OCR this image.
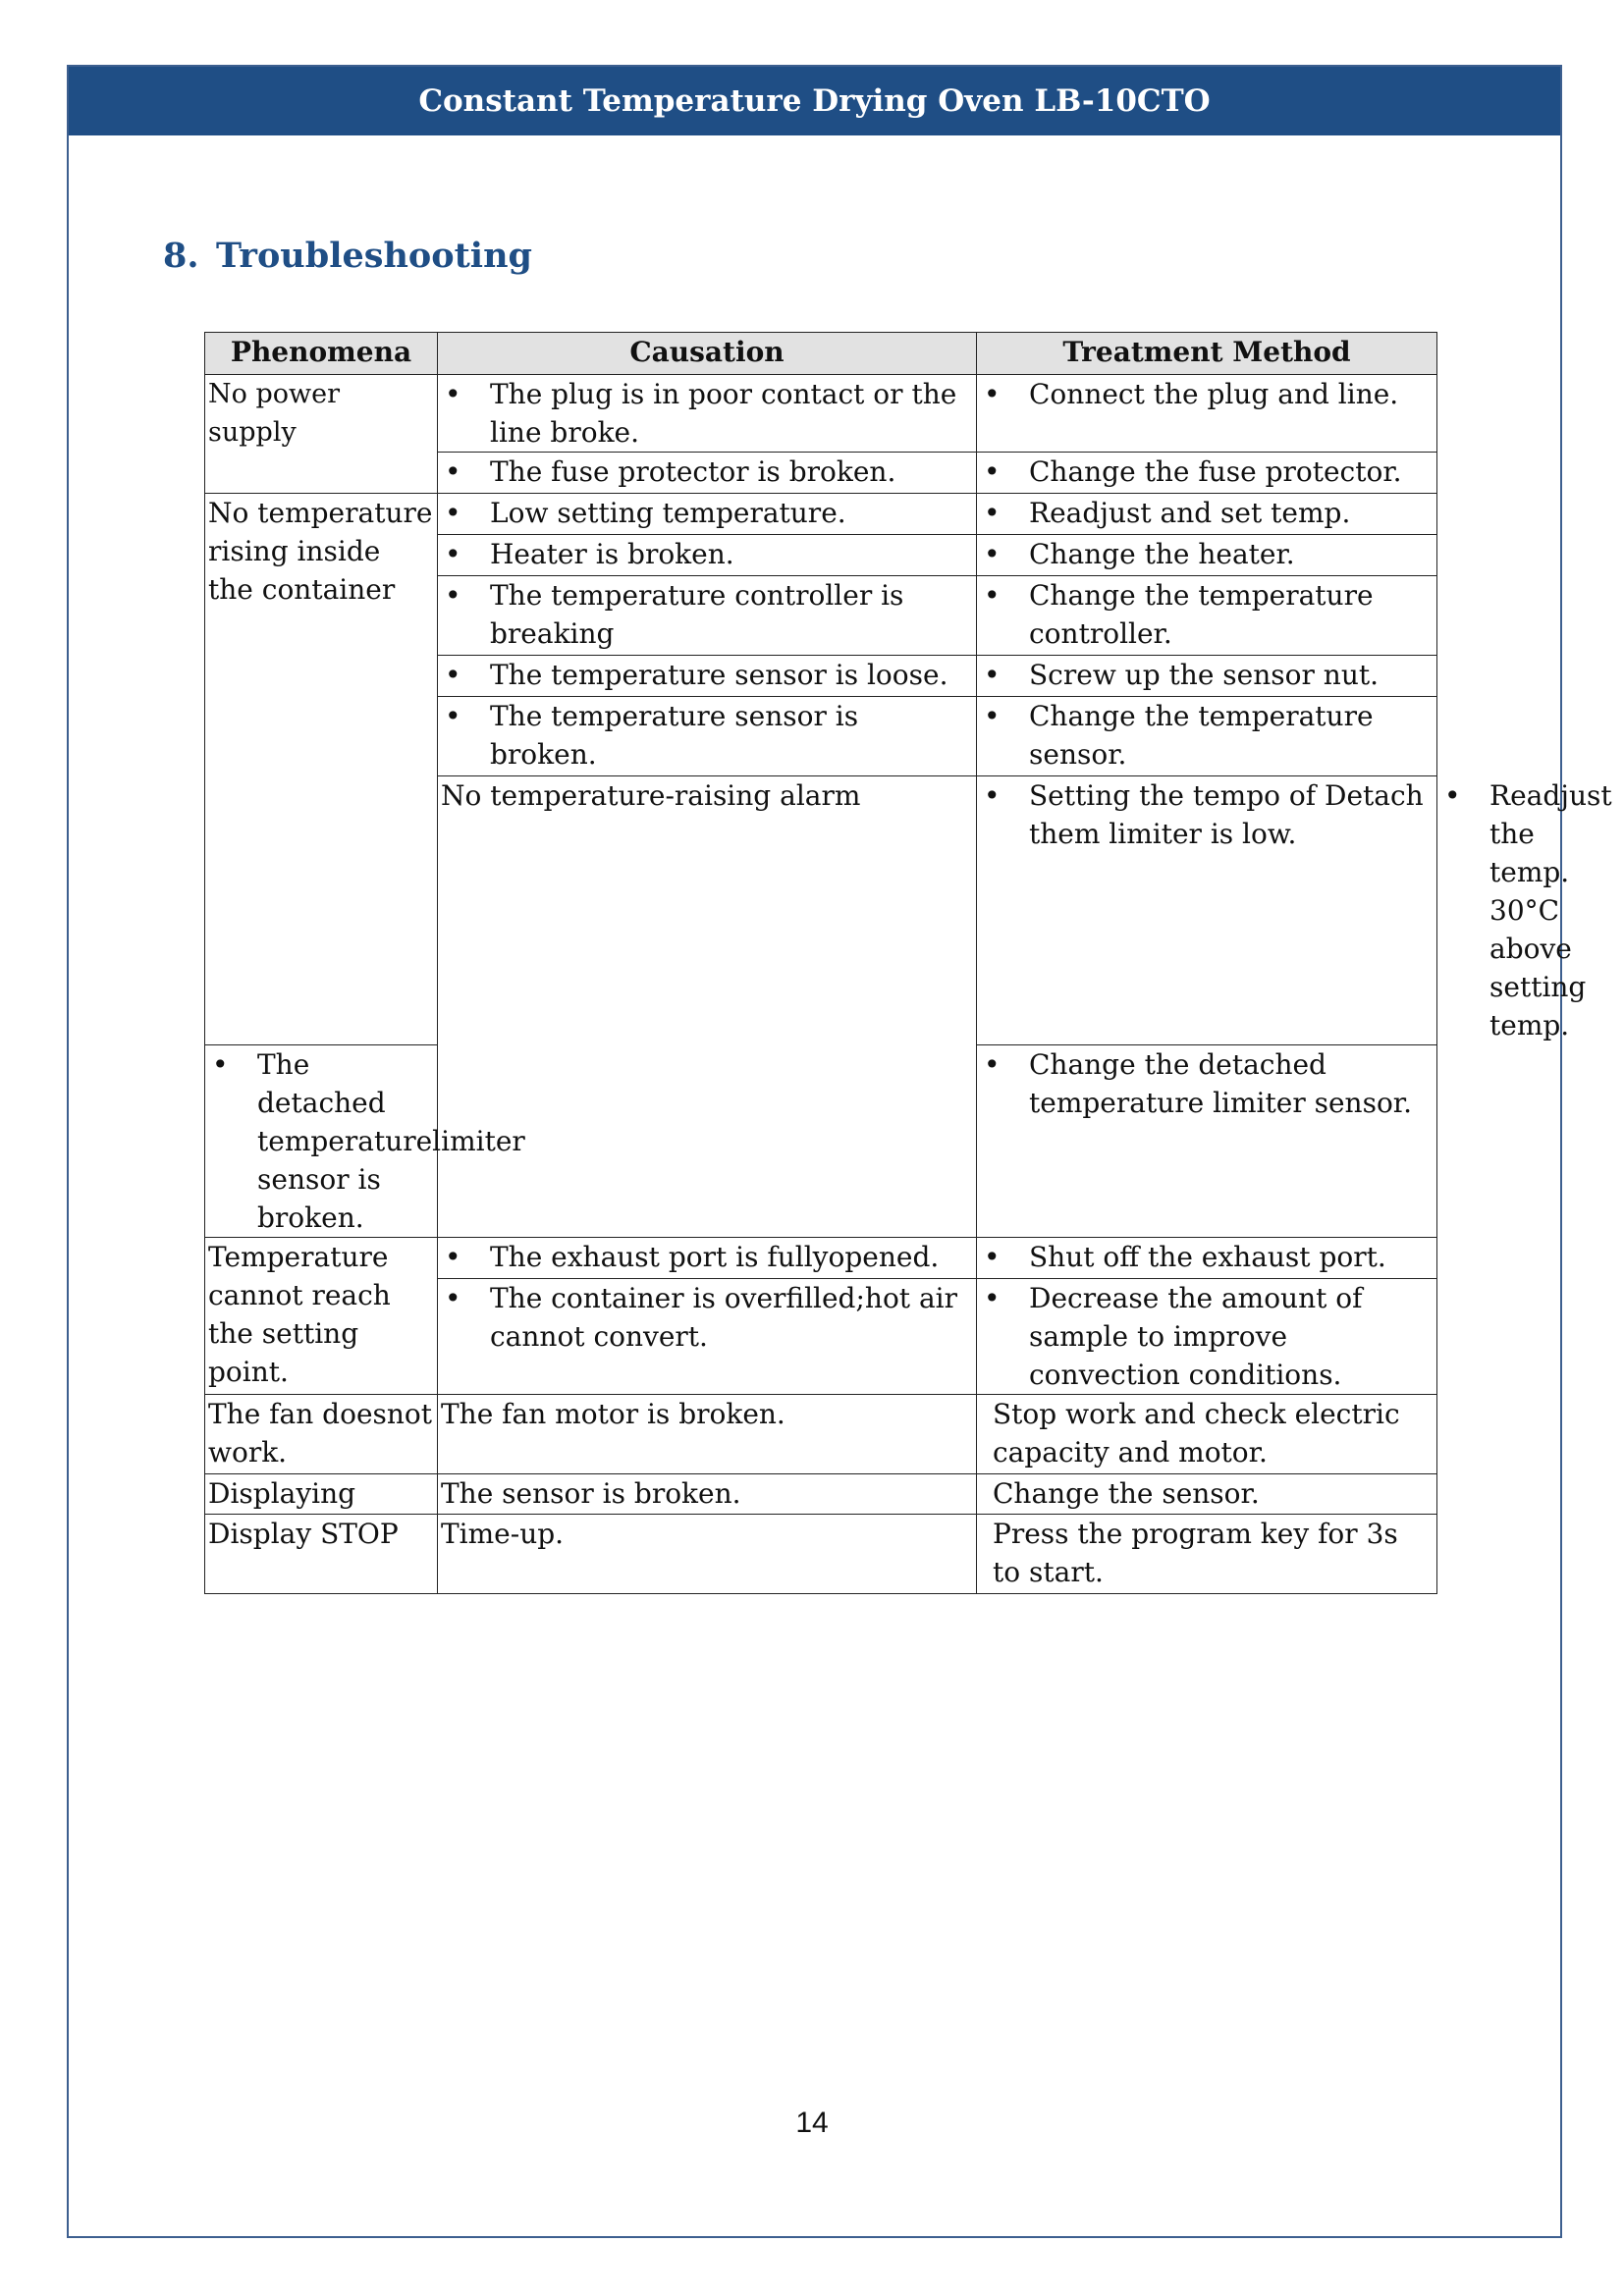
Constant Temperature Drying Oven LB-10CTO
8. Troubleshooting
Phenomena	Causation	Treatment Method	
No power supply	• The plug is in poor contact or the line broke.	• Connect the plug and line.

	• The fuse protector is broken.	• Change the fuse protector.

No temperature rising inside the container	• Low setting temperature.	• Readjust and set temp.

	• Heater is broken.	• Change the heater.

	• The temperature controller is breaking	• Change the temperature controller.

	• The temperature sensor is loose.	• Screw up the sensor nut.

	• The temperature sensor is broken.	• Change the temperature sensor.

	No temperature-raising alarm	• Setting the tempo of Detach them limiter is low.	• Readjust the temp. 30°C above setting temp.

• The detached temperaturelimiter sensor is broken.		• Change the detached temperature limiter sensor.

Temperature cannot reach the setting point.	• The exhaust port is fullyopened.	• Shut off the exhaust port.

	• The container is overfilled;hot air cannot convert.	• Decrease the amount of sample to improve convection conditions.

The fan doesnot work.	The fan motor is broken.	Stop work and check electric capacity and motor.	
Displaying	The sensor is broken.	Change the sensor.	
Display STOP	Time-up.	Press the program key for 3s to start.	
14
